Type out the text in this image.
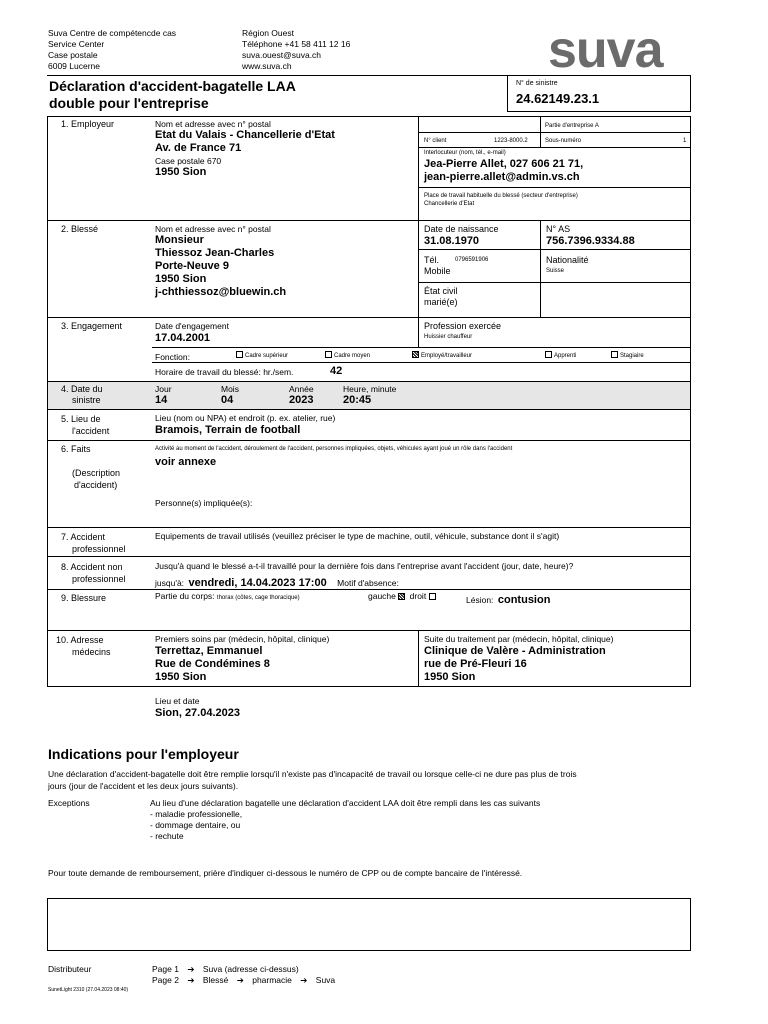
Suva Centre de compétencde cas
Service Center
Case postale
6009 Lucerne
Région Ouest
Téléphone +41 58 411 12 16
suva.ouest@suva.ch
www.suva.ch	suva
Déclaration d'accident-bagatelle LAA
double pour l'entreprise
N° de sinistre
24.62149.23.1
1. Employeur	Nom et adresse avec n° postal
Etat du Valais - Chancellerie d'Etat
Av. de France 71
Case postale 670
1950 Sion
Partie d'entreprise A
N° client	1223-8000.2	Sous-numéro	1
Interlocuteur (nom, tél., e-mail)
Jea-Pierre Allet, 027 606 21 71,
jean-pierre.allet@admin.vs.ch
Place de travail habituelle du blessé (secteur d'entreprise)
Chancellerie d'Etat
2. Blessé	Nom et adresse avec n° postal
Monsieur
Thiessoz Jean-Charles
Porte-Neuve 9
1950 Sion
j-chthiessoz@bluewin.ch
Date de naissance
31.08.1970
N° AS
756.7396.9334.88
Tél.	0796591906
Mobile
Nationalité
Suisse
État civil
marié(e)
3. Engagement	Date d'engagement
17.04.2001
Profession exercée
Huissier chauffeur
Fonction:	Cadre supérieur	Cadre moyen	Employé/travailleur	Apprenti	Stagiaire
Horaire de travail du blessé: hr./sem.	42
4. Date du
sinistre
Jour
14
Mois
04
Année
2023
Heure, minute
20:45
5. Lieu de
l'accident
Lieu (nom ou NPA) et endroit (p. ex. atelier, rue)
Bramois, Terrain de football
6. Faits
(Description
d'accident)
Activité au moment de l'accident, déroulement de l'accident, personnes impliquées, objets, véhicules ayant joué un rôle dans l'accident
voir annexe
Personne(s) impliquée(s):
7. Accident
professionnel
Equipements de travail utilisés (veuillez préciser le type de machine, outil, véhicule, substance dont il s'agit)
8. Accident non
professionnel
Jusqu'à quand le blessé a-t-il travaillé pour la dernière fois dans l'entreprise avant l'accident (jour, date, heure)?
jusqu'à: vendredi, 14.04.2023 17:00 Motif d'absence:
9. Blessure	Partie du corps: thorax (côtes, cage thoracique)	gauche droit	Lésion: contusion
10. Adresse
médecins
Premiers soins par (médecin, hôpital, clinique)
Terrettaz, Emmanuel
Rue de Condémines 8
1950 Sion
Suite du traitement par (médecin, hôpital, clinique)
Clinique de Valère - Administration
rue de Pré-Fleuri 16
1950 Sion
Lieu et date
Sion, 27.04.2023
Indications pour l'employeur
Une déclaration d'accident-bagatelle doit être remplie lorsqu'il n'existe pas d'incapacité de travail ou lorsque celle-ci ne dure pas plus de trois
jours (jour de l'accident et les deux jours suivants).
Exceptions	Au lieu d'une déclaration bagatelle une déclaration d'accident LAA doit être rempli dans les cas suivants
- maladie professionelle,
- dommage dentaire, ou
- rechute
Pour toute demande de remboursement, prière d'indiquer ci-dessous le numéro de CPP ou de compte bancaire de l'intéressé.
Distributeur	Page 1 ➔ Suva (adresse ci-dessus)
Page 2 ➔ Blessé ➔ pharmacie ➔ Suva
SunetLight 2310 (27.04.2023 08:40)
